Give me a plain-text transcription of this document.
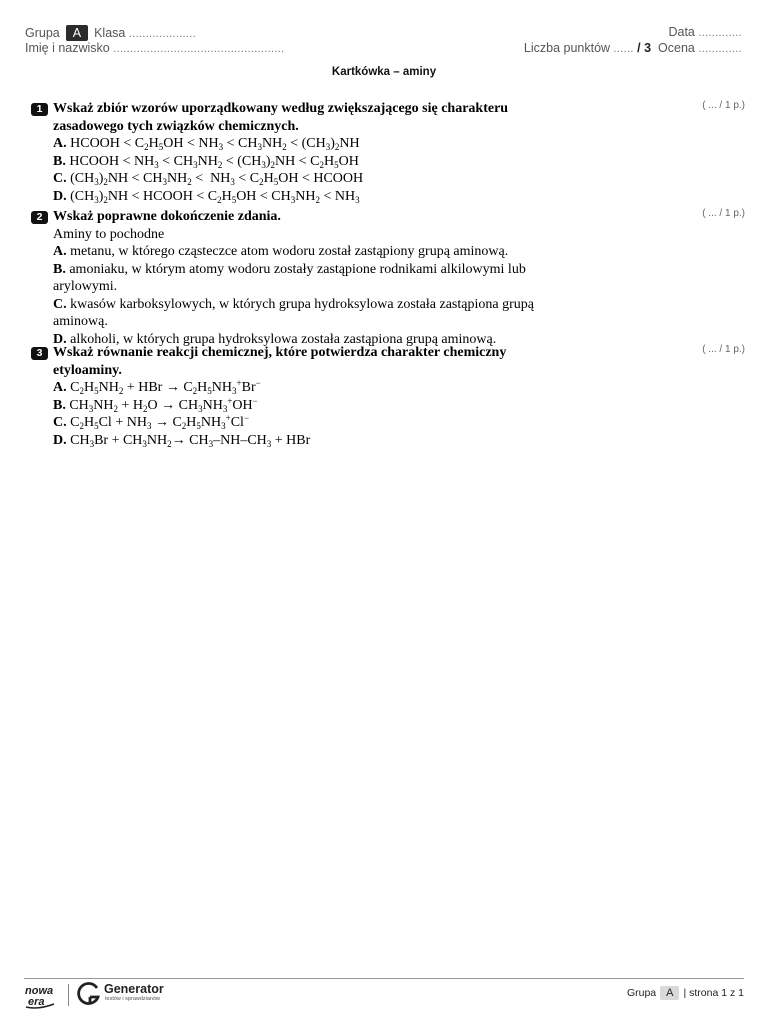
Grupa A Klasa ....................	Data .............
Imię i nazwisko ...................................................	Liczba punktów ...... / 3 Ocena .............
Kartkówka – aminy
1 Wskaż zbiór wzorów uporządkowany według zwiększającego się charakteru zasadowego tych związków chemicznych.
A. HCOOH < $C_2H_5OH < NH_3 < CH_3NH_2 < (CH_3)_2NH$
B. HCOOH < $NH_3 < CH_3NH_2 < (CH_3)_2NH < C_2H_5OH$
C. $(CH_3)_2NH < CH_3NH_2 < NH_3 < C_2H_5OH$ < HCOOH
D. $(CH_3)_2NH$ < HCOOH < $C_2H_5OH < CH_3NH_2 < NH_3$
( ... / 1 p.)
2 Wskaż poprawne dokończenie zdania.
Aminy to pochodne
A. metanu, w którego cząsteczce atom wodoru został zastąpiony grupą aminową.
B. amoniaku, w którym atomy wodoru zostały zastąpione rodnikami alkilowymi lub arylowymi.
C. kwasów karboksylowych, w których grupa hydroksylowa została zastąpiona grupą aminową.
D. alkoholi, w których grupa hydroksylowa została zastąpiona grupą aminową.
( ... / 1 p.)
3 Wskaż równanie reakcji chemicznej, które potwierdza charakter chemiczny etyloaminy.
A. $C_2H_5NH_2$ + HBr → $C_2H_5NH_3^+Br^-$
B. $CH_3NH_2 + H_2O \to CH_3NH_3^+OH^-$
C. $C_2H_5Cl + NH_3 \to C_2H_5NH_3^+Cl^-$
D. $CH_3Br + CH_3NH_2\to CH_3-NH-CH_3$ + HBr
( ... / 1 p.)
nowa
era
Generator
testów i sprawdzianów	Grupa A | strona 1 z 1
